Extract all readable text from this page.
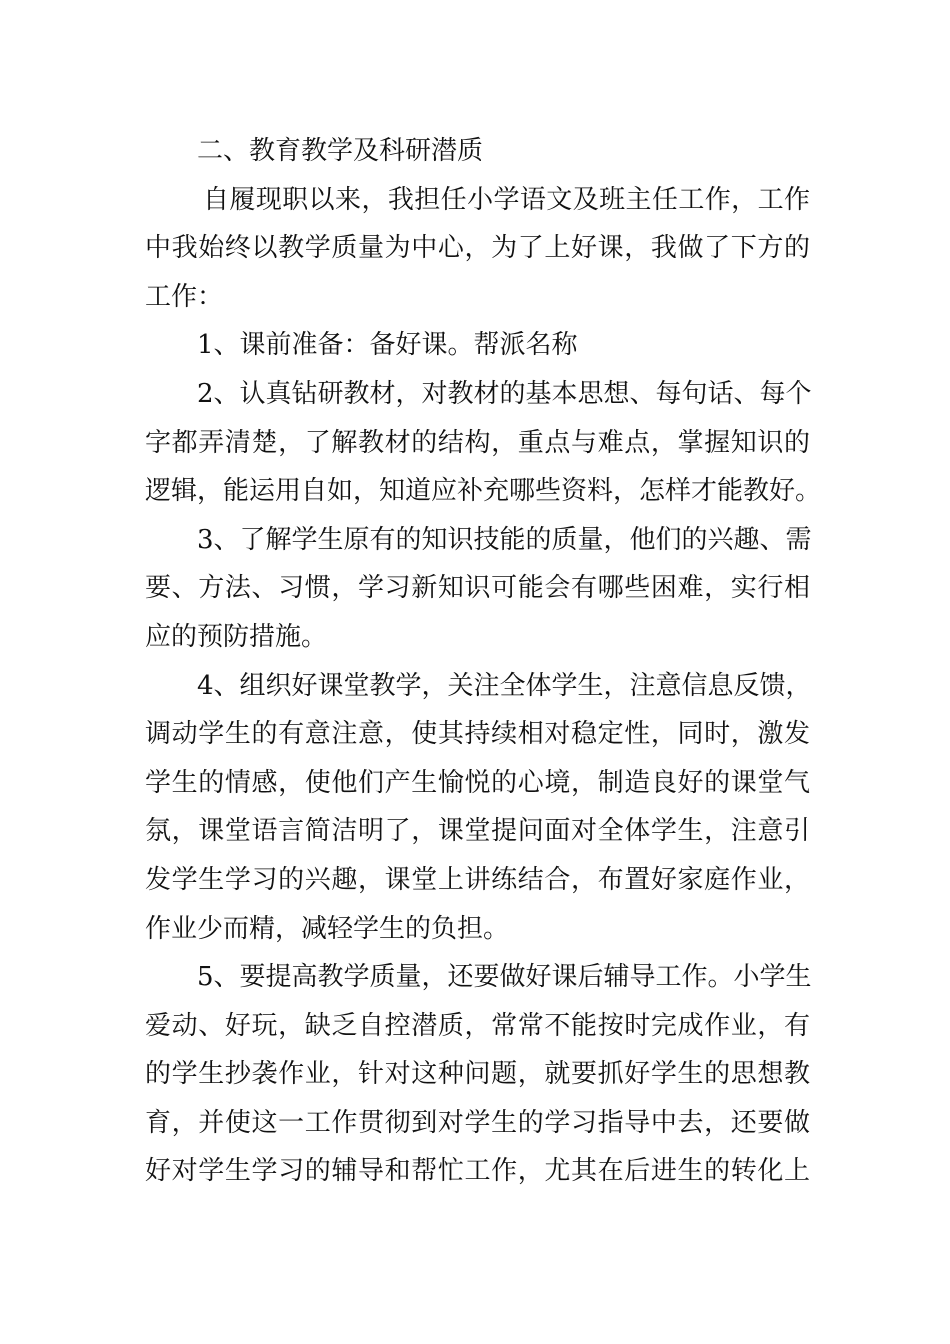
二、教育教学及科研潜质
自履现职以来，我担任小学语文及班主任工作，工作
中我始终以教学质量为中心，为了上好课，我做了下方的
工作：
1、课前准备：备好课。帮派名称
2、认真钻研教材，对教材的基本思想、每句话、每个
字都弄清楚，了解教材的结构，重点与难点，掌握知识的
逻辑，能运用自如，知道应补充哪些资料，怎样才能教好。
3、了解学生原有的知识技能的质量，他们的兴趣、需
要、方法、习惯，学习新知识可能会有哪些困难，实行相
应的预防措施。
4、组织好课堂教学，关注全体学生，注意信息反馈，
调动学生的有意注意，使其持续相对稳定性，同时，激发
学生的情感，使他们产生愉悦的心境，制造良好的课堂气
氛，课堂语言简洁明了，课堂提问面对全体学生，注意引
发学生学习的兴趣，课堂上讲练结合，布置好家庭作业，
作业少而精，减轻学生的负担。
5、要提高教学质量，还要做好课后辅导工作。小学生
爱动、好玩，缺乏自控潜质，常常不能按时完成作业，有
的学生抄袭作业，针对这种问题，就要抓好学生的思想教
育，并使这一工作贯彻到对学生的学习指导中去，还要做
好对学生学习的辅导和帮忙工作，尤其在后进生的转化上
